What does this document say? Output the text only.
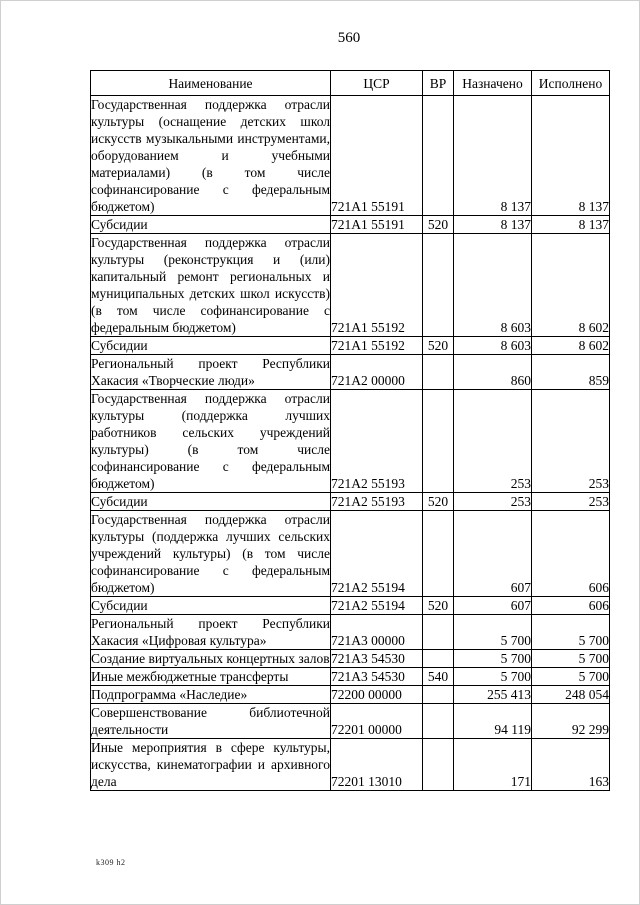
560
Наименование	ЦСР	ВР	Назначено	Исполнено
Государственная поддержка отрасли культуры (оснащение детских школ искусств музыкальными инструментами, оборудованием и учебными материалами) (в том числе софинансирование с федеральным бюджетом)	721А1 55191		8 137	8 137
Субсидии	721А1 55191	520	8 137	8 137
Государственная поддержка отрасли культуры (реконструкция и (или) капитальный ремонт региональных и муниципальных детских школ искусств) (в том числе софинансирование с федеральным бюджетом)	721А1 55192		8 603	8 602
Субсидии	721А1 55192	520	8 603	8 602
Региональный проект Республики Хакасия «Творческие люди»	721А2 00000		860	859
Государственная поддержка отрасли культуры (поддержка лучших работников сельских учреждений культуры) (в том числе софинансирование с федеральным бюджетом)	721А2 55193		253	253
Субсидии	721А2 55193	520	253	253
Государственная поддержка отрасли культуры (поддержка лучших сельских учреждений культуры) (в том числе софинансирование с федеральным бюджетом)	721А2 55194		607	606
Субсидии	721А2 55194	520	607	606
Региональный проект Республики Хакасия «Цифровая культура»	721А3 00000		5 700	5 700
Создание виртуальных концертных залов	721А3 54530		5 700	5 700
Иные межбюджетные трансферты	721А3 54530	540	5 700	5 700
Подпрограмма «Наследие»	72200 00000		255 413	248 054
Совершенствование библиотечной деятельности	72201 00000		94 119	92 299
Иные мероприятия в сфере культуры, искусства, кинематографии и архивного дела	72201 13010		171	163
k309 h2
